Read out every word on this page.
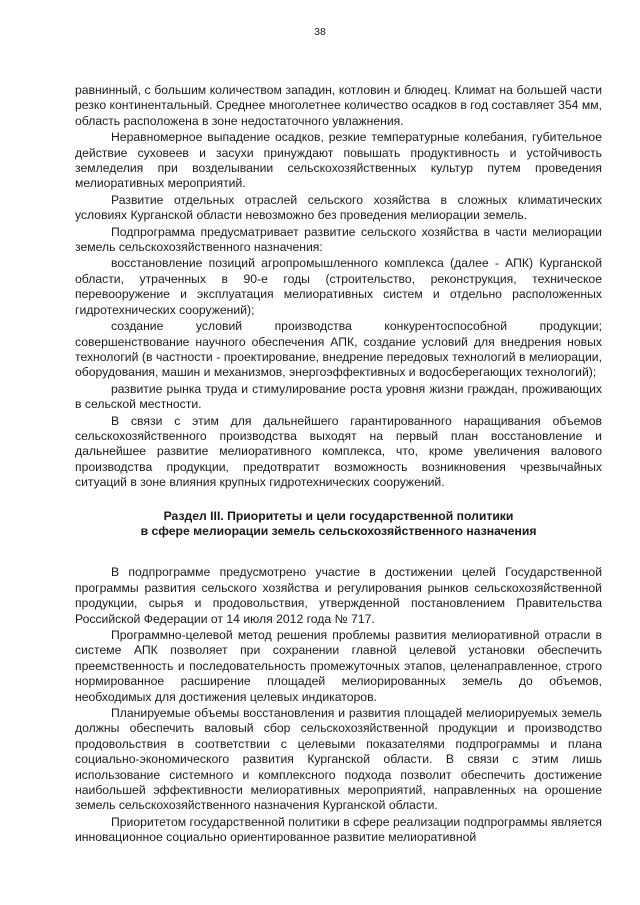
38

равнинный, с большим количеством западин, котловин и блюдец. Климат на большей части резко континентальный. Среднее многолетнее количество осадков в год составляет 354 мм, область расположена в зоне недостаточного увлажнения.

Неравномерное выпадение осадков, резкие температурные колебания, губительное действие суховеев и засухи принуждают повышать продуктивность и устойчивость земледелия при возделывании сельскохозяйственных культур путем проведения мелиоративных мероприятий.

Развитие отдельных отраслей сельского хозяйства в сложных климатических условиях Курганской области невозможно без проведения мелиорации земель.

Подпрограмма предусматривает развитие сельского хозяйства в части мелиорации земель сельскохозяйственного назначения:

восстановление позиций агропромышленного комплекса (далее - АПК) Курганской области, утраченных в 90-е годы (строительство, реконструкция, техническое перевооружение и эксплуатация мелиоративных систем и отдельно расположенных гидротехнических сооружений);

создание условий производства конкурентоспособной продукции; совершенствование научного обеспечения АПК, создание условий для внедрения новых технологий (в частности - проектирование, внедрение передовых технологий в мелиорации, оборудования, машин и механизмов, энергоэффективных и водосберегающих технологий);

развитие рынка труда и стимулирование роста уровня жизни граждан, проживающих в сельской местности.

В связи с этим для дальнейшего гарантированного наращивания объемов сельскохозяйственного производства выходят на первый план восстановление и дальнейшее развитие мелиоративного комплекса, что, кроме увеличения валового производства продукции, предотвратит возможность возникновения чрезвычайных ситуаций в зоне влияния крупных гидротехнических сооружений.

Раздел III. Приоритеты и цели государственной политики
в сфере мелиорации земель сельскохозяйственного назначения

В подпрограмме предусмотрено участие в достижении целей Государственной программы развития сельского хозяйства и регулирования рынков сельскохозяйственной продукции, сырья и продовольствия, утвержденной постановлением Правительства Российской Федерации от 14 июля 2012 года № 717.

Программно-целевой метод решения проблемы развития мелиоративной отрасли в системе АПК позволяет при сохранении главной целевой установки обеспечить преемственность и последовательность промежуточных этапов, целенаправленное, строго нормированное расширение площадей мелиорированных земель до объемов, необходимых для достижения целевых индикаторов.

Планируемые объемы восстановления и развития площадей мелиорируемых земель должны обеспечить валовый сбор сельскохозяйственной продукции и производство продовольствия в соответствии с целевыми показателями подпрограммы и плана социально-экономического развития Курганской области. В связи с этим лишь использование системного и комплексного подхода позволит обеспечить достижение наибольшей эффективности мелиоративных мероприятий, направленных на орошение земель сельскохозяйственного назначения Курганской области.

Приоритетом государственной политики в сфере реализации подпрограммы является инновационное социально ориентированное развитие мелиоративной
